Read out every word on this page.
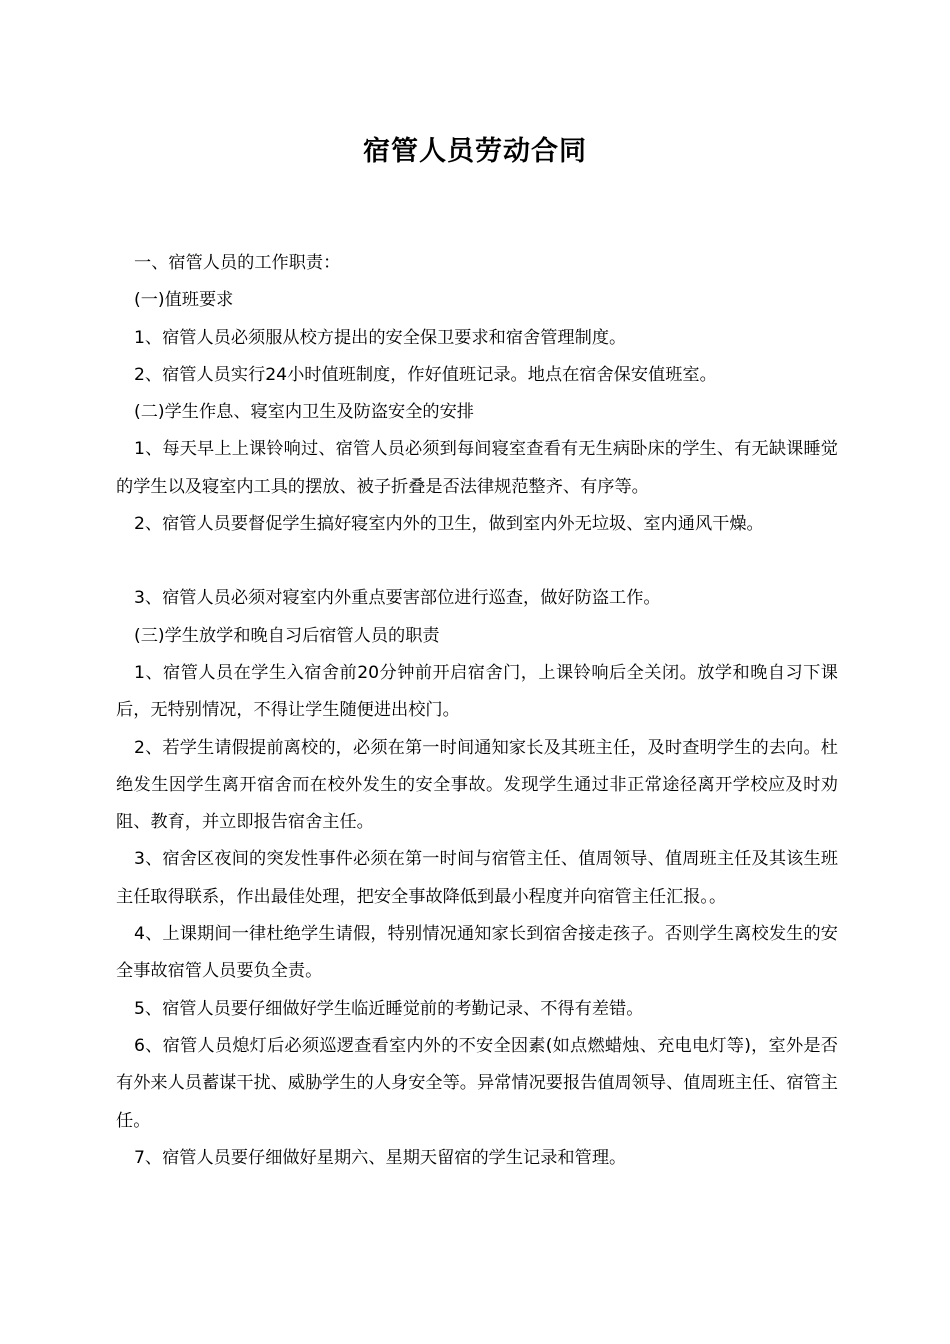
宿管人员劳动合同

一、宿管人员的工作职责：

(一)值班要求

1、宿管人员必须服从校方提出的安全保卫要求和宿舍管理制度。

2、宿管人员实行24小时值班制度，作好值班记录。地点在宿舍保安值班室。

(二)学生作息、寝室内卫生及防盗安全的安排

1、每天早上上课铃响过、宿管人员必须到每间寝室查看有无生病卧床的学生、有无缺课睡觉的学生以及寝室内工具的摆放、被子折叠是否法律规范整齐、有序等。

2、宿管人员要督促学生搞好寝室内外的卫生，做到室内外无垃圾、室内通风干燥。

3、宿管人员必须对寝室内外重点要害部位进行巡查，做好防盗工作。

(三)学生放学和晚自习后宿管人员的职责

1、宿管人员在学生入宿舍前20分钟前开启宿舍门，上课铃响后全关闭。放学和晚自习下课后，无特别情况，不得让学生随便进出校门。

2、若学生请假提前离校的，必须在第一时间通知家长及其班主任，及时查明学生的去向。杜绝发生因学生离开宿舍而在校外发生的安全事故。发现学生通过非正常途径离开学校应及时劝阻、教育，并立即报告宿舍主任。

3、宿舍区夜间的突发性事件必须在第一时间与宿管主任、值周领导、值周班主任及其该生班主任取得联系，作出最佳处理，把安全事故降低到最小程度并向宿管主任汇报。。

4、上课期间一律杜绝学生请假，特别情况通知家长到宿舍接走孩子。否则学生离校发生的安全事故宿管人员要负全责。

5、宿管人员要仔细做好学生临近睡觉前的考勤记录、不得有差错。

6、宿管人员熄灯后必须巡逻查看室内外的不安全因素(如点燃蜡烛、充电电灯等)，室外是否有外来人员蓄谋干扰、威胁学生的人身安全等。异常情况要报告值周领导、值周班主任、宿管主任。

7、宿管人员要仔细做好星期六、星期天留宿的学生记录和管理。
